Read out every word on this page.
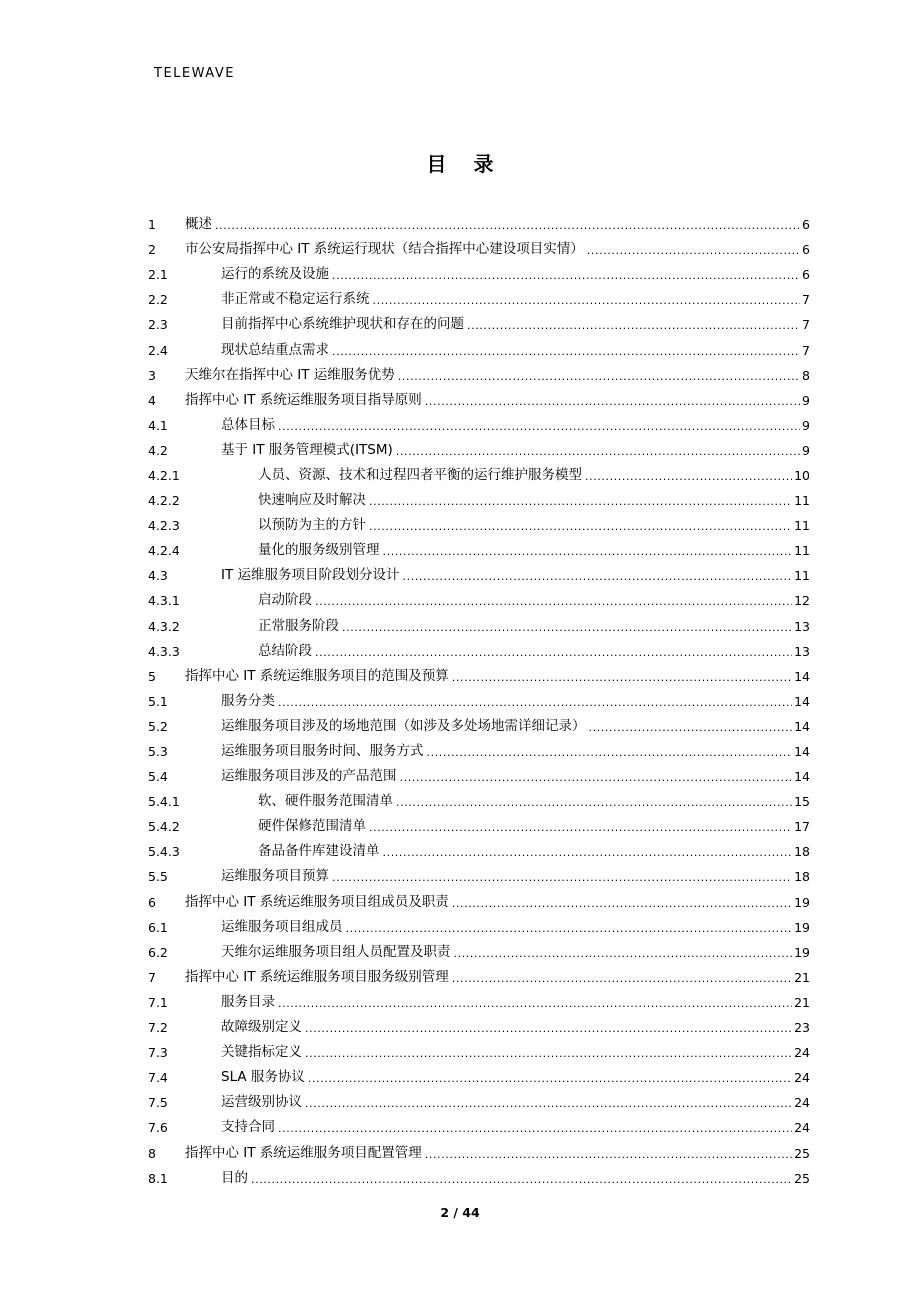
TELEWAVE

目 录
1	概述 .....	6
2	市公安局指挥中心 IT 系统运行现状（结合指挥中心建设项目实情） .....	6
2.1	运行的系统及设施 .....	6
2.2	非正常或不稳定运行系统 .....	7
2.3	目前指挥中心系统维护现状和存在的问题 .....	7
2.4	现状总结重点需求 .....	7
3	天维尔在指挥中心 IT 运维服务优势 .....	8
4	指挥中心 IT 系统运维服务项目指导原则 .....	9
4.1	总体目标 .....	9
4.2	基于 IT 服务管理模式(ITSM) .....	9
4.2.1	人员、资源、技术和过程四者平衡的运行维护服务模型 .....	10
4.2.2	快速响应及时解决 .....	11
4.2.3	以预防为主的方针 .....	11
4.2.4	量化的服务级别管理 .....	11
4.3	IT 运维服务项目阶段划分设计 .....	11
4.3.1	启动阶段 .....	12
4.3.2	正常服务阶段 .....	13
4.3.3	总结阶段 .....	13
5	指挥中心 IT 系统运维服务项目的范围及预算 .....	14
5.1	服务分类 .....	14
5.2	运维服务项目涉及的场地范围（如涉及多处场地需详细记录） .....	14
5.3	运维服务项目服务时间、服务方式 .....	14
5.4	运维服务项目涉及的产品范围 .....	14
5.4.1	软、硬件服务范围清单 .....	15
5.4.2	硬件保修范围清单 .....	17
5.4.3	备品备件库建设清单 .....	18
5.5	运维服务项目预算 .....	18
6	指挥中心 IT 系统运维服务项目组成员及职责 .....	19
6.1	运维服务项目组成员 .....	19
6.2	天维尔运维服务项目组人员配置及职责 .....	19
7	指挥中心 IT 系统运维服务项目服务级别管理 .....	21
7.1	服务目录 .....	21
7.2	故障级别定义 .....	23
7.3	关键指标定义 .....	24
7.4	SLA 服务协议 .....	24
7.5	运营级别协议 .....	24
7.6	支持合同 .....	24
8	指挥中心 IT 系统运维服务项目配置管理 .....	25
8.1	目的 .....	25

2 / 44
